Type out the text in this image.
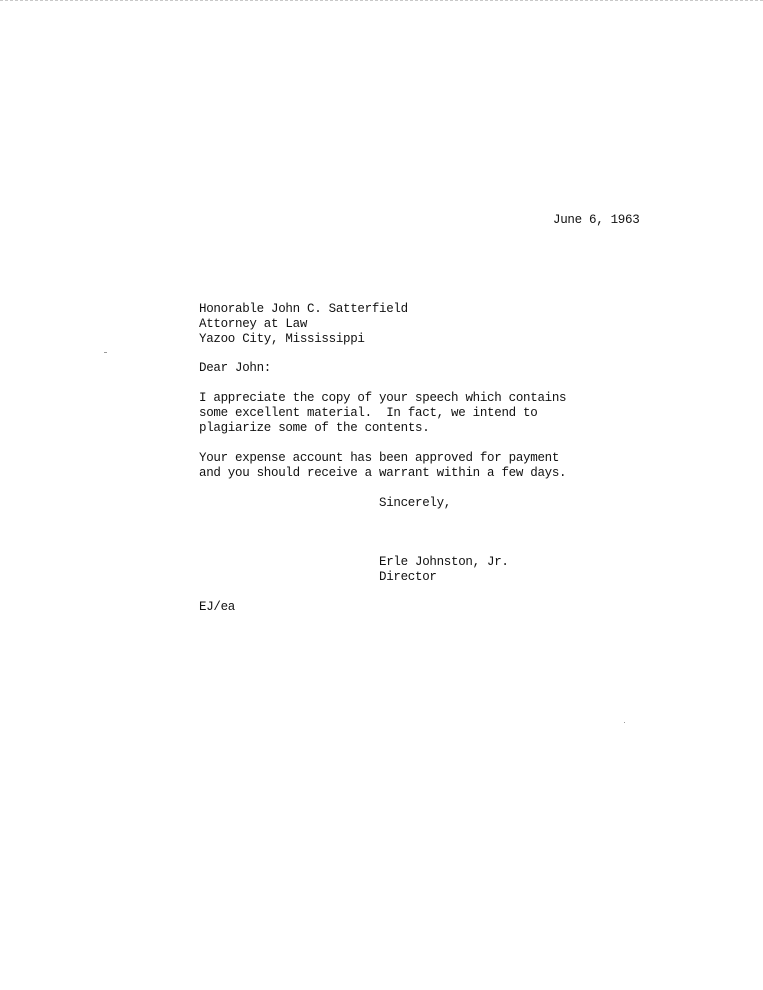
June 6, 1963
Honorable John C. Satterfield
Attorney at Law
Yazoo City, Mississippi
Dear John:
I appreciate the copy of your speech which contains
some excellent material.  In fact, we intend to
plagiarize some of the contents.
Your expense account has been approved for payment
and you should receive a warrant within a few days.
Sincerely,
Erle Johnston, Jr.
Director
EJ/ea
